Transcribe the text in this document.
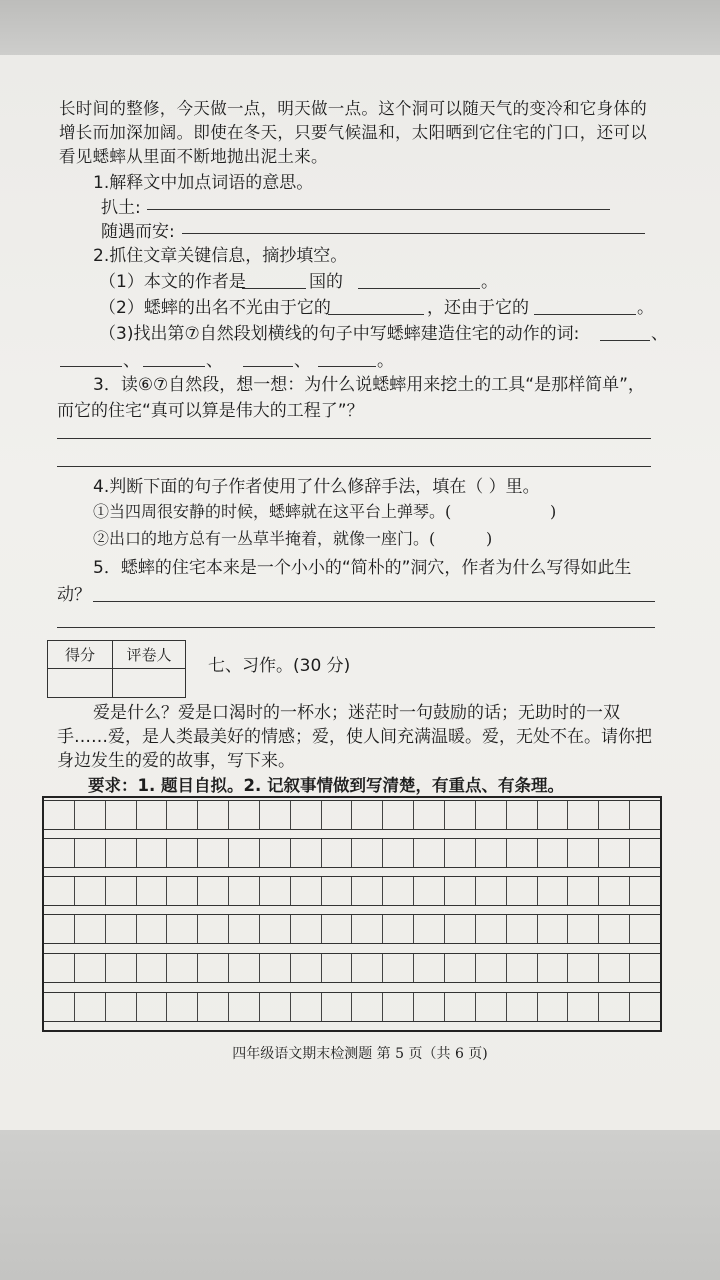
长时间的整修，今天做一点，明天做一点。这个洞可以随天气的变冷和它身体的
增长而加深加阔。即使在冬天，只要气候温和，太阳晒到它住宅的门口，还可以
看见蟋蟀从里面不断地抛出泥土来。
1.解释文中加点词语的意思。
扒土:
随遇而安:
2.抓住文章关键信息，摘抄填空。
（1）本文的作者是	国的	。
（2）蟋蟀的出名不光由于它的	，还由于它的	。
（3)找出第⑦自然段划横线的句子中写蟋蟀建造住宅的动作的词:	、
、	、	、	。
3．读⑥⑦自然段，想一想：为什么说蟋蟀用来挖土的工具“是那样简单”，
而它的住宅“真可以算是伟大的工程了”？
4.判断下面的句子作者使用了什么修辞手法，填在（ ）里。
①当四周很安静的时候，蟋蟀就在这平台上弹琴。(	)
②出口的地方总有一丛草半掩着，就像一座门。(	)
5．蟋蟀的住宅本来是一个小小的“简朴的”洞穴，作者为什么写得如此生
动？
得分	评卷人
七、习作。(30 分)
爱是什么？爱是口渴时的一杯水；迷茫时一句鼓励的话；无助时的一双
手……爱，是人类最美好的情感；爱，使人间充满温暖。爱，无处不在。请你把
身边发生的爱的故事，写下来。
要求：1. 题目自拟。2. 记叙事情做到写清楚，有重点、有条理。
四年级语文期末检测题 第 5 页（共 6 页)
